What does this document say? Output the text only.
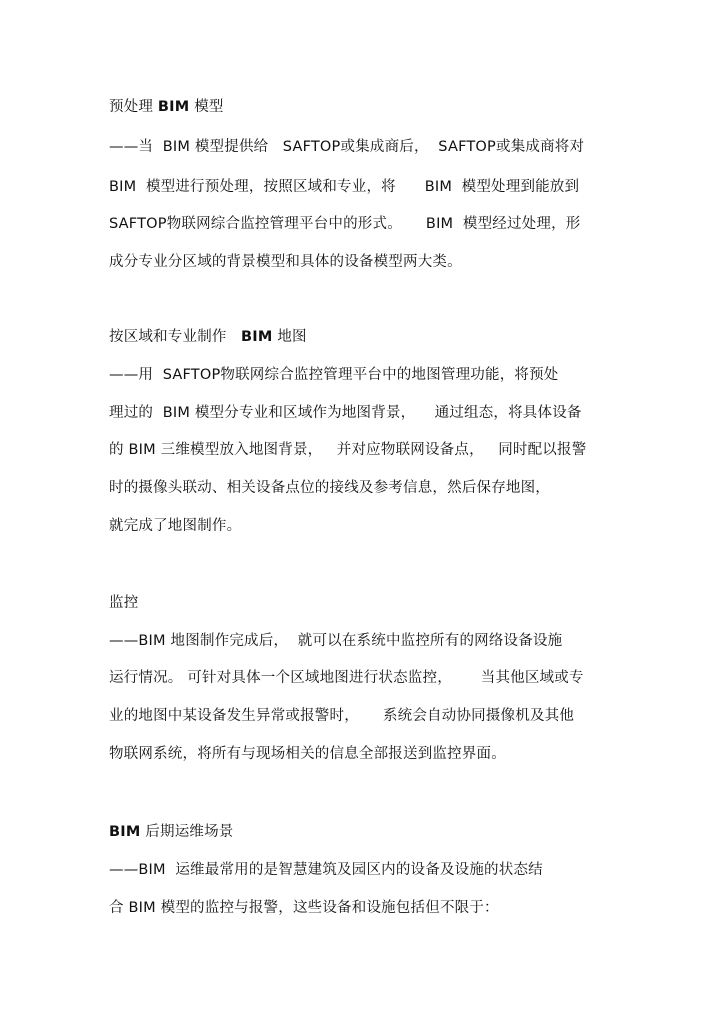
预处理 BIM 模型

——当  BIM 模型提供给   SAFTOP或集成商后，  SAFTOP或集成商将对

BIM  模型进行预处理，按照区域和专业，将      BIM  模型处理到能放到

SAFTOP物联网综合监控管理平台中的形式。     BIM  模型经过处理，形

成分专业分区域的背景模型和具体的设备模型两大类。

按区域和专业制作   BIM 地图

——用  SAFTOP物联网综合监控管理平台中的地图管理功能，将预处

理过的  BIM 模型分专业和区域作为地图背景，    通过组态，将具体设备

的 BIM 三维模型放入地图背景，   并对应物联网设备点，   同时配以报警

时的摄像头联动、相关设备点位的接线及参考信息，然后保存地图，

就完成了地图制作。

监控

——BIM 地图制作完成后，  就可以在系统中监控所有的网络设备设施

运行情况。 可针对具体一个区域地图进行状态监控，      当其他区域或专

业的地图中某设备发生异常或报警时，     系统会自动协同摄像机及其他

物联网系统，将所有与现场相关的信息全部报送到监控界面。

BIM 后期运维场景

——BIM  运维最常用的是智慧建筑及园区内的设备及设施的状态结

合 BIM 模型的监控与报警，这些设备和设施包括但不限于：
